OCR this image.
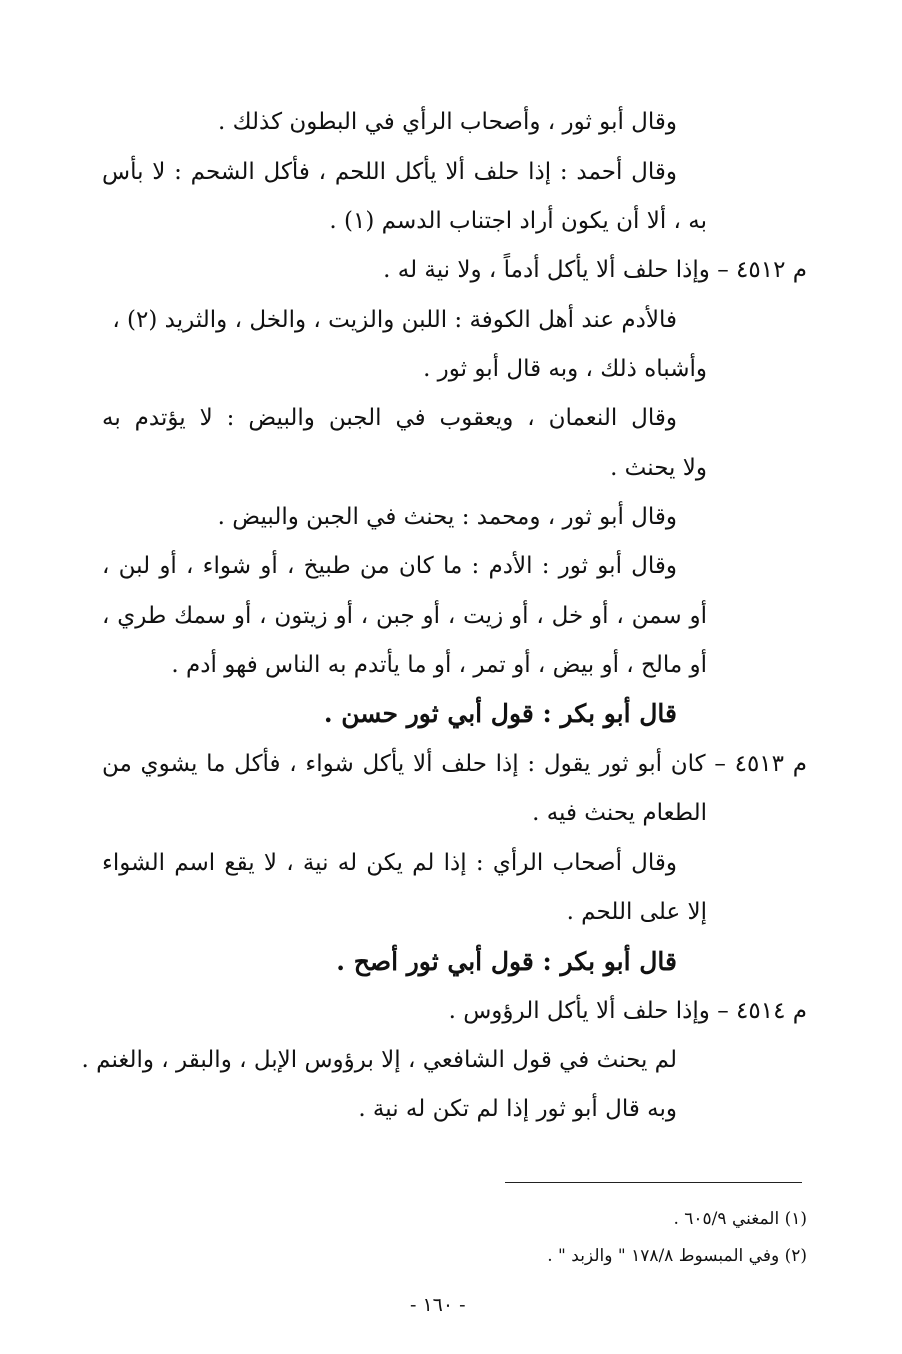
وقال أبو ثور ، وأصحاب الرأي في البطون كذلك .
وقال أحمد : إذا حلف ألا يأكل اللحم ، فأكل الشحم : لا بأس
به ، ألا أن يكون أراد اجتناب الدسم (١) .
م ٤٥١٢ – وإذا حلف ألا يأكل أدماً ، ولا نية له .
فالأدم عند أهل الكوفة : اللبن والزيت ، والخل ، والثريد (٢) ،
وأشباه ذلك ، وبه قال أبو ثور .
وقال النعمان ، ويعقوب في الجبن والبيض : لا يؤتدم به
ولا يحنث .
وقال أبو ثور ، ومحمد : يحنث في الجبن والبيض .
وقال أبو ثور : الأدم : ما كان من طبيخ ، أو شواء ، أو لبن ،
أو سمن ، أو خل ، أو زيت ، أو جبن ، أو زيتون ، أو سمك طري ،
أو مالح ، أو بيض ، أو تمر ، أو ما يأتدم به الناس فهو أدم .
قال أبو بكر : قول أبي ثور حسن .
م ٤٥١٣ – كان أبو ثور يقول : إذا حلف ألا يأكل شواء ، فأكل ما يشوي من
الطعام يحنث فيه .
وقال أصحاب الرأي : إذا لم يكن له نية ، لا يقع اسم الشواء
إلا على اللحم .
قال أبو بكر : قول أبي ثور أصح .
م ٤٥١٤ – وإذا حلف ألا يأكل الرؤوس .
لم يحنث في قول الشافعي ، إلا برؤوس الإبل ، والبقر ، والغنم .
وبه قال أبو ثور إذا لم تكن له نية .
(١) المغني ٦٠٥/٩ .
(٢) وفي المبسوط ١٧٨/٨ " والزبد " .
- ١٦٠ -
